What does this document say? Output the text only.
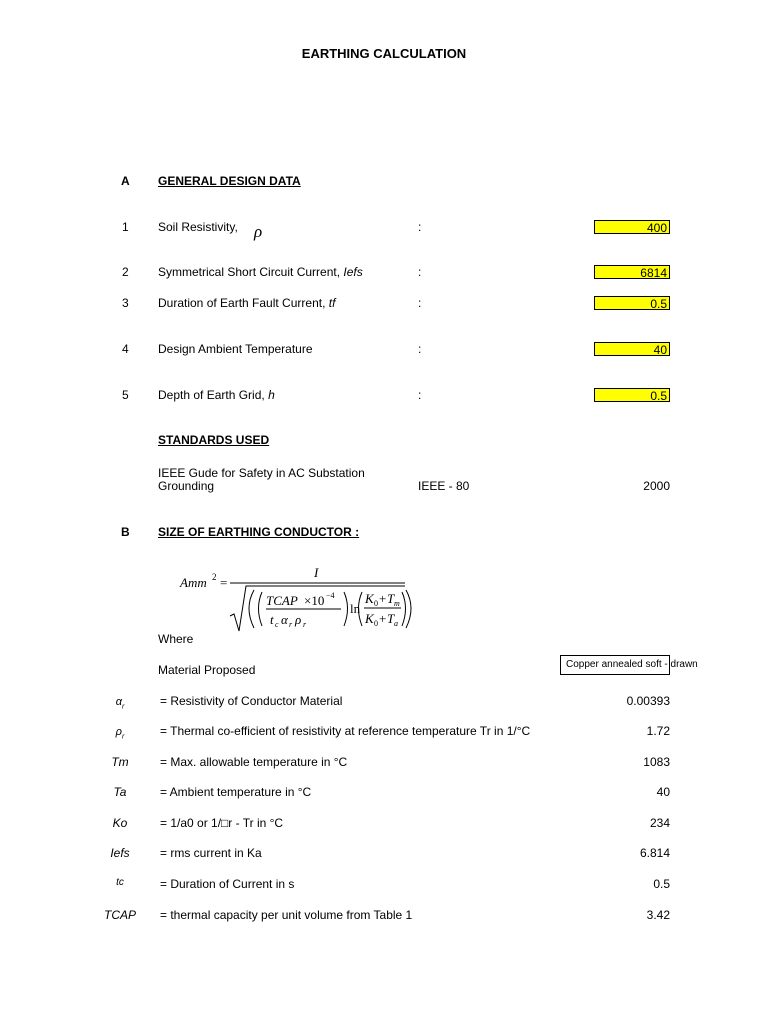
EARTHING CALCULATION
A GENERAL DESIGN DATA
1 Soil Resistivity, ρ	:	400
2 Symmetrical Short Circuit Current, Iefs	:	6814
3 Duration of Earth Fault Current, tf	:	0.5
4 Design Ambient Temperature	:	40
5 Depth of Earth Grid, h	:	0.5
STANDARDS USED
IEEE Gude for Safety in AC Substation
Grounding	IEEE - 80	2000
B SIZE OF EARTHING CONDUCTOR :
Amm 2 =
I
TCAP ×10 −4
t c α r ρ r
ln
K 0 + T m
K 0 + T a
Where
Material Proposed	Copper annealed soft - drawn
$\alpha_r$	= Resistivity of Conductor Material	0.00393
$\rho_r$	= Thermal co-efficient of resistivity at reference temperature Tr in 1/°C	1.72
Tm	= Max. allowable temperature in °C	1083
Ta	= Ambient temperature in °C	40
Ko	= 1/a0 or 1/□r - Tr in °C	234
Iefs	= rms current in Ka	6.814
tc	= Duration of Current in s	0.5
TCAP	= thermal capacity per unit volume from Table 1	3.42
